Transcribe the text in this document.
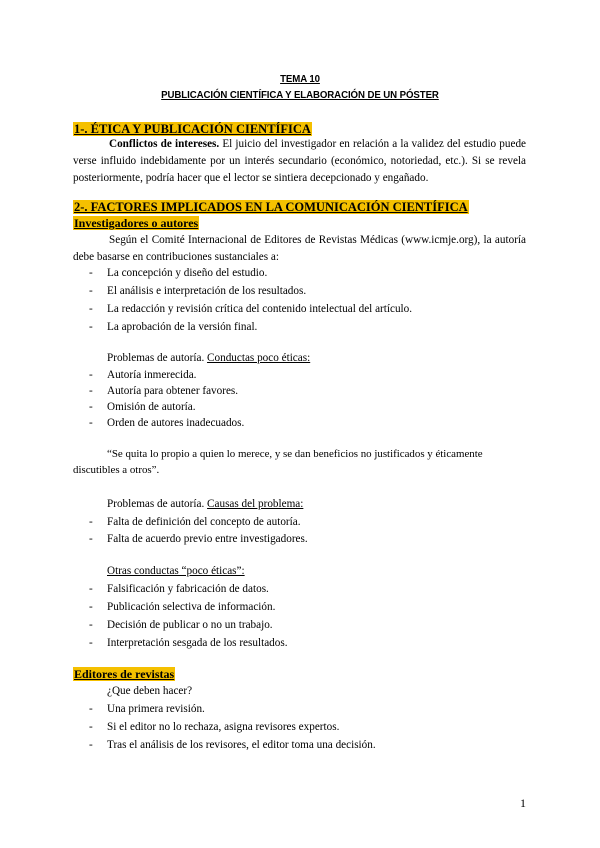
TEMA 10
PUBLICACIÓN CIENTÍFICA Y ELABORACIÓN DE UN PÓSTER
1-. ÉTICA Y PUBLICACIÓN CIENTÍFICA
Conflictos de intereses. El juicio del investigador en relación a la validez del estudio puede verse influido indebidamente por un interés secundario (económico, notoriedad, etc.). Si se revela posteriormente, podría hacer que el lector se sintiera decepcionado y engañado.
2-. FACTORES IMPLICADOS EN LA COMUNICACIÓN CIENTÍFICA
Investigadores o autores
Según el Comité Internacional de Editores de Revistas Médicas (www.icmje.org), la autoría debe basarse en contribuciones sustanciales a:
- La concepción y diseño del estudio.
- El análisis e interpretación de los resultados.
- La redacción y revisión crítica del contenido intelectual del artículo.
- La aprobación de la versión final.
Problemas de autoría. Conductas poco éticas:
- Autoría inmerecida.
- Autoría para obtener favores.
- Omisión de autoría.
- Orden de autores inadecuados.
“Se quita lo propio a quien lo merece, y se dan beneficios no justificados y éticamente
discutibles a otros”.
Problemas de autoría. Causas del problema:
- Falta de definición del concepto de autoría.
- Falta de acuerdo previo entre investigadores.
Otras conductas “poco éticas”:
- Falsificación y fabricación de datos.
- Publicación selectiva de información.
- Decisión de publicar o no un trabajo.
- Interpretación sesgada de los resultados.
Editores de revistas
¿Que deben hacer?
- Una primera revisión.
- Si el editor no lo rechaza, asigna revisores expertos.
- Tras el análisis de los revisores, el editor toma una decisión.
1
